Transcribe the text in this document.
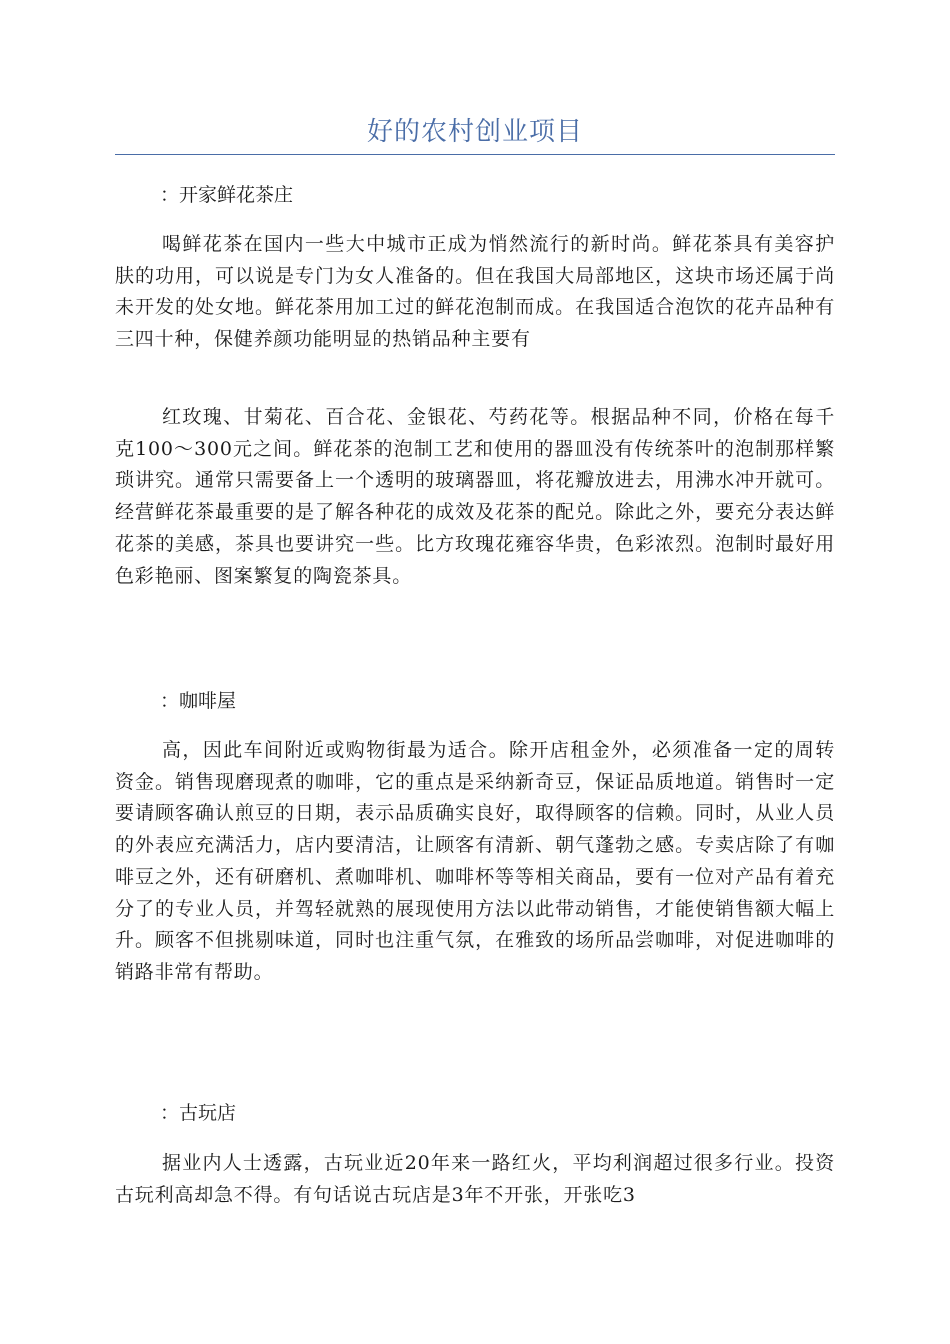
好的农村创业项目
：开家鲜花茶庄

喝鲜花茶在国内一些大中城市正成为悄然流行的新时尚。鲜花茶具有美容护肤的功用，可以说是专门为女人准备的。但在我国大局部地区，这块市场还属于尚未开发的处女地。鲜花茶用加工过的鲜花泡制而成。在我国适合泡饮的花卉品种有三四十种，保健养颜功能明显的热销品种主要有

红玫瑰、甘菊花、百合花、金银花、芍药花等。根据品种不同，价格在每千克100～300元之间。鲜花茶的泡制工艺和使用的器皿没有传统茶叶的泡制那样繁琐讲究。通常只需要备上一个透明的玻璃器皿，将花瓣放进去，用沸水冲开就可。经营鲜花茶最重要的是了解各种花的成效及花茶的配兑。除此之外，要充分表达鲜花茶的美感，茶具也要讲究一些。比方玫瑰花雍容华贵，色彩浓烈。泡制时最好用色彩艳丽、图案繁复的陶瓷茶具。

：咖啡屋

高，因此车间附近或购物街最为适合。除开店租金外，必须准备一定的周转资金。销售现磨现煮的咖啡，它的重点是采纳新奇豆，保证品质地道。销售时一定要请顾客确认煎豆的日期，表示品质确实良好，取得顾客的信赖。同时，从业人员的外表应充满活力，店内要清洁，让顾客有清新、朝气蓬勃之感。专卖店除了有咖啡豆之外，还有研磨机、煮咖啡机、咖啡杯等等相关商品，要有一位对产品有着充分了的专业人员，并驾轻就熟的展现使用方法以此带动销售，才能使销售额大幅上升。顾客不但挑剔味道，同时也注重气氛，在雅致的场所品尝咖啡，对促进咖啡的销路非常有帮助。

：古玩店

据业内人士透露，古玩业近20年来一路红火，平均利润超过很多行业。投资古玩利高却急不得。有句话说古玩店是3年不开张，开张吃3
